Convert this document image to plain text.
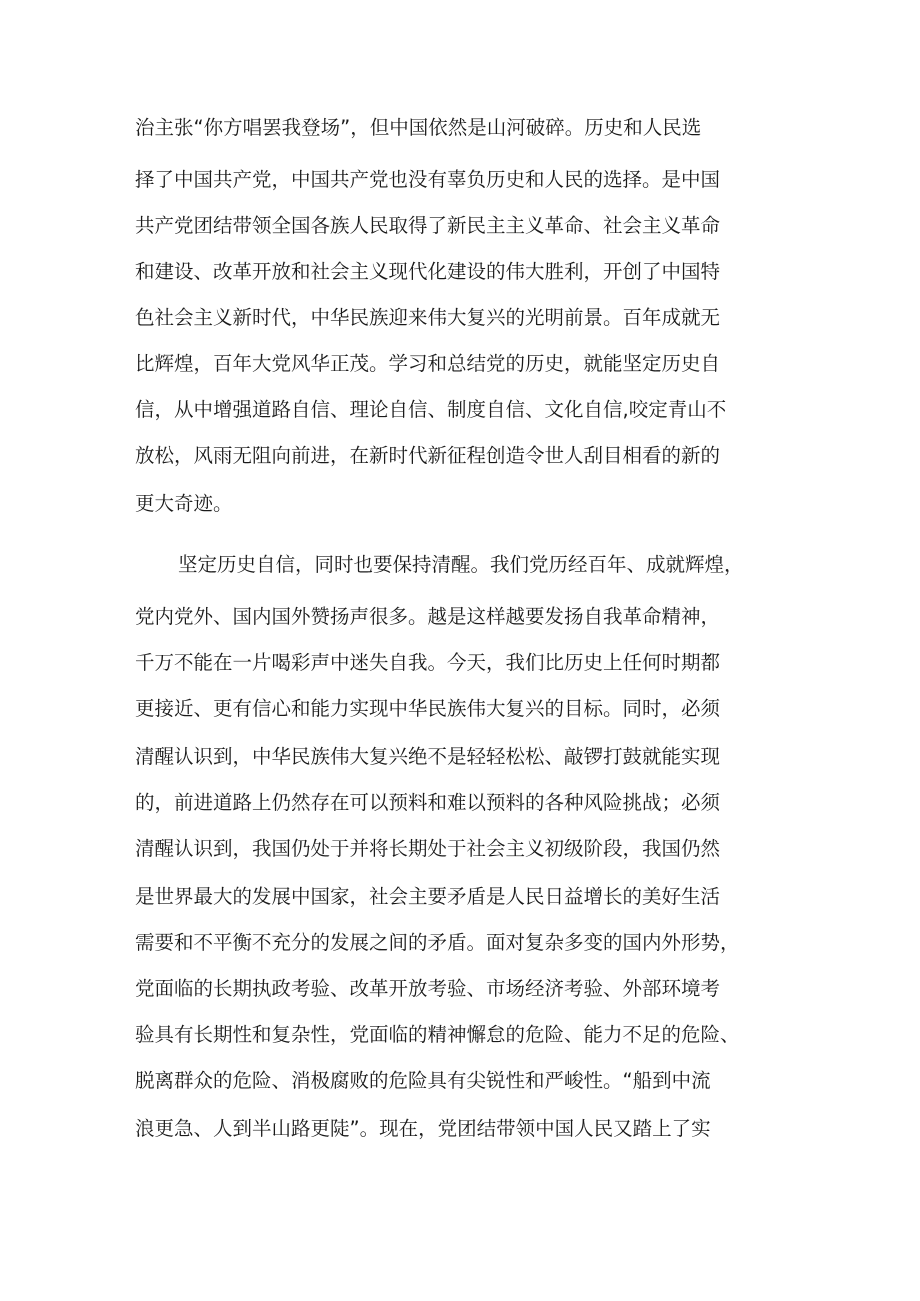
治主张“你方唱罢我登场”，但中国依然是山河破碎。历史和人民选
择了中国共产党，中国共产党也没有辜负历史和人民的选择。是中国
共产党团结带领全国各族人民取得了新民主主义革命、社会主义革命
和建设、改革开放和社会主义现代化建设的伟大胜利，开创了中国特
色社会主义新时代，中华民族迎来伟大复兴的光明前景。百年成就无
比辉煌，百年大党风华正茂。学习和总结党的历史，就能坚定历史自
信，从中增强道路自信、理论自信、制度自信、文化自信,咬定青山不
放松，风雨无阻向前进，在新时代新征程创造令世人刮目相看的新的
更大奇迹。
坚定历史自信，同时也要保持清醒。我们党历经百年、成就辉煌，
党内党外、国内国外赞扬声很多。越是这样越要发扬自我革命精神，
千万不能在一片喝彩声中迷失自我。今天，我们比历史上任何时期都
更接近、更有信心和能力实现中华民族伟大复兴的目标。同时，必须
清醒认识到，中华民族伟大复兴绝不是轻轻松松、敲锣打鼓就能实现
的，前进道路上仍然存在可以预料和难以预料的各种风险挑战；必须
清醒认识到，我国仍处于并将长期处于社会主义初级阶段，我国仍然
是世界最大的发展中国家，社会主要矛盾是人民日益增长的美好生活
需要和不平衡不充分的发展之间的矛盾。面对复杂多变的国内外形势，
党面临的长期执政考验、改革开放考验、市场经济考验、外部环境考
验具有长期性和复杂性，党面临的精神懈怠的危险、能力不足的危险、
脱离群众的危险、消极腐败的危险具有尖锐性和严峻性。“船到中流
浪更急、人到半山路更陡”。现在，党团结带领中国人民又踏上了实
